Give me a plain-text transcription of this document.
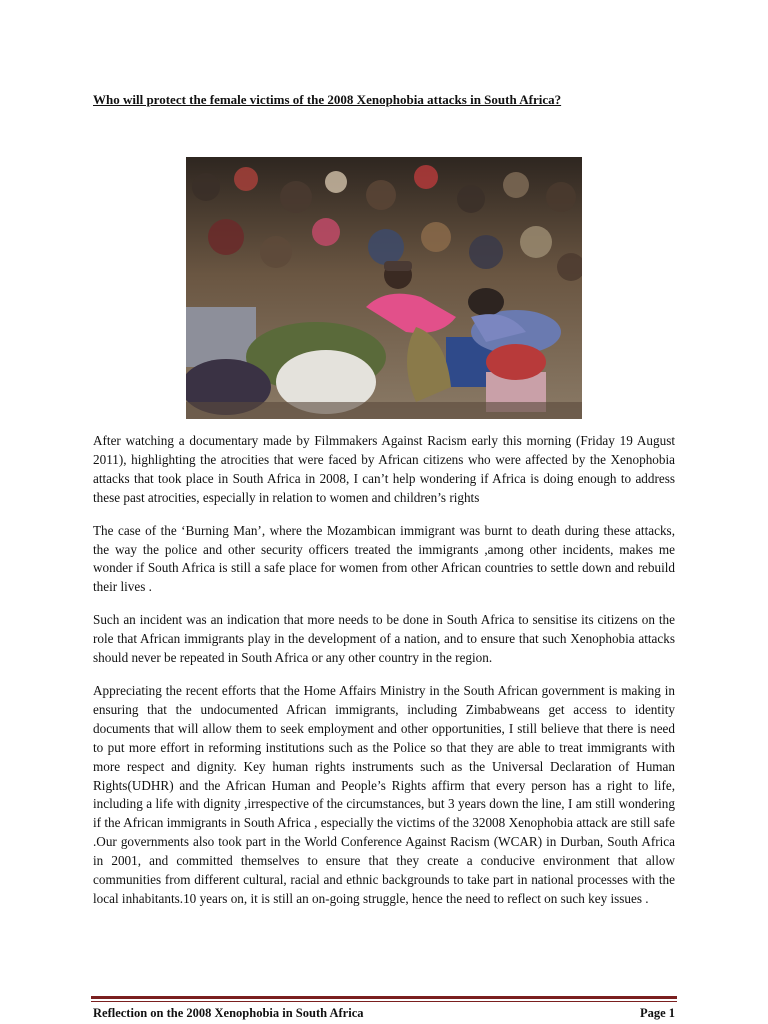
Who will protect the female victims of the 2008 Xenophobia attacks in South Africa?

After watching a documentary made by Filmmakers Against Racism early this morning (Friday 19 August 2011), highlighting the atrocities that were faced by African citizens who were affected by the Xenophobia attacks that took place in South Africa in 2008, I can’t help wondering if Africa is doing enough to address these past atrocities, especially in relation to women and children’s rights

The case of the ‘Burning Man’, where the Mozambican immigrant was burnt to death during these attacks, the way the police and other security officers treated the immigrants ,among other incidents, makes me wonder if South Africa is still a safe place for women from other African countries to settle down and rebuild their lives .

Such an incident was an indication that more needs to be done in South Africa to sensitise its citizens on the role that African immigrants play in the development of a nation, and to ensure that such Xenophobia attacks should never be repeated in South Africa or any other country in the region.

Appreciating the recent efforts that the Home Affairs Ministry in the South African government is making in ensuring that the undocumented African immigrants, including Zimbabweans get access to identity documents that will allow them to seek employment and other opportunities, I still believe that there is need to put more effort in reforming institutions such as the Police so that they are able to treat immigrants with more respect and dignity. Key human rights instruments such as the Universal Declaration of Human Rights(UDHR) and the African Human and People’s Rights affirm that every person has a right to life, including a life with dignity ,irrespective of the circumstances, but 3 years down the line, I am still wondering if the African immigrants in South Africa , especially the victims of the 32008 Xenophobia attack are still safe .Our governments also took part in the World Conference Against Racism (WCAR) in Durban, South Africa in 2001, and committed themselves to ensure that they create a conducive environment that allow communities from different cultural, racial and ethnic backgrounds to take part in national processes with the local inhabitants.10 years on, it is still an on-going struggle, hence the need to reflect on such key issues .

Reflection on the 2008 Xenophobia in South Africa	Page 1
